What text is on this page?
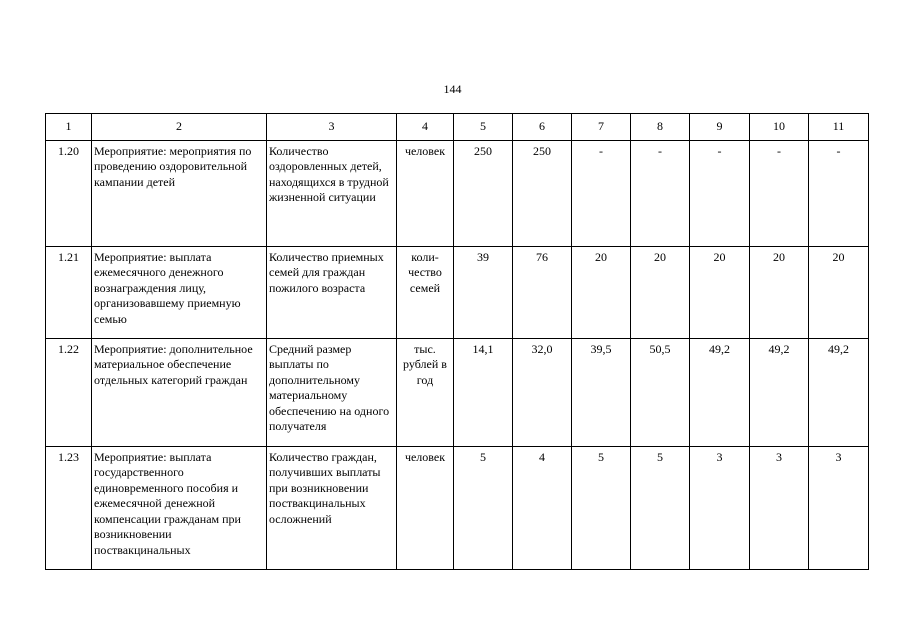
144
1	2	3	4	5	6	7	8	9	10	11
1.20	Мероприятие: мероприятия по проведению оздоровительной кампании детей	Количество оздоровленных детей, находящихся в трудной жизненной ситуации	человек	250	250	-	-	-	-	-
1.21	Мероприятие: выплата ежемесячного денежного вознаграждения лицу, организовавшему приемную семью	Количество приемных семей для граждан пожилого возраста	коли-чество семей	39	76	20	20	20	20	20
1.22	Мероприятие: дополнительное материальное обеспечение отдельных категорий граждан	Средний размер выплаты по дополнительному материальному обеспечению на одного получателя	тыс. рублей в год	14,1	32,0	39,5	50,5	49,2	49,2	49,2
1.23	Мероприятие: выплата государственного единовременного пособия и ежемесячной денежной компенсации гражданам при возникновении поствакцинальных	Количество граждан, получивших выплаты при возникновении поствакцинальных осложнений	человек	5	4	5	5	3	3	3
